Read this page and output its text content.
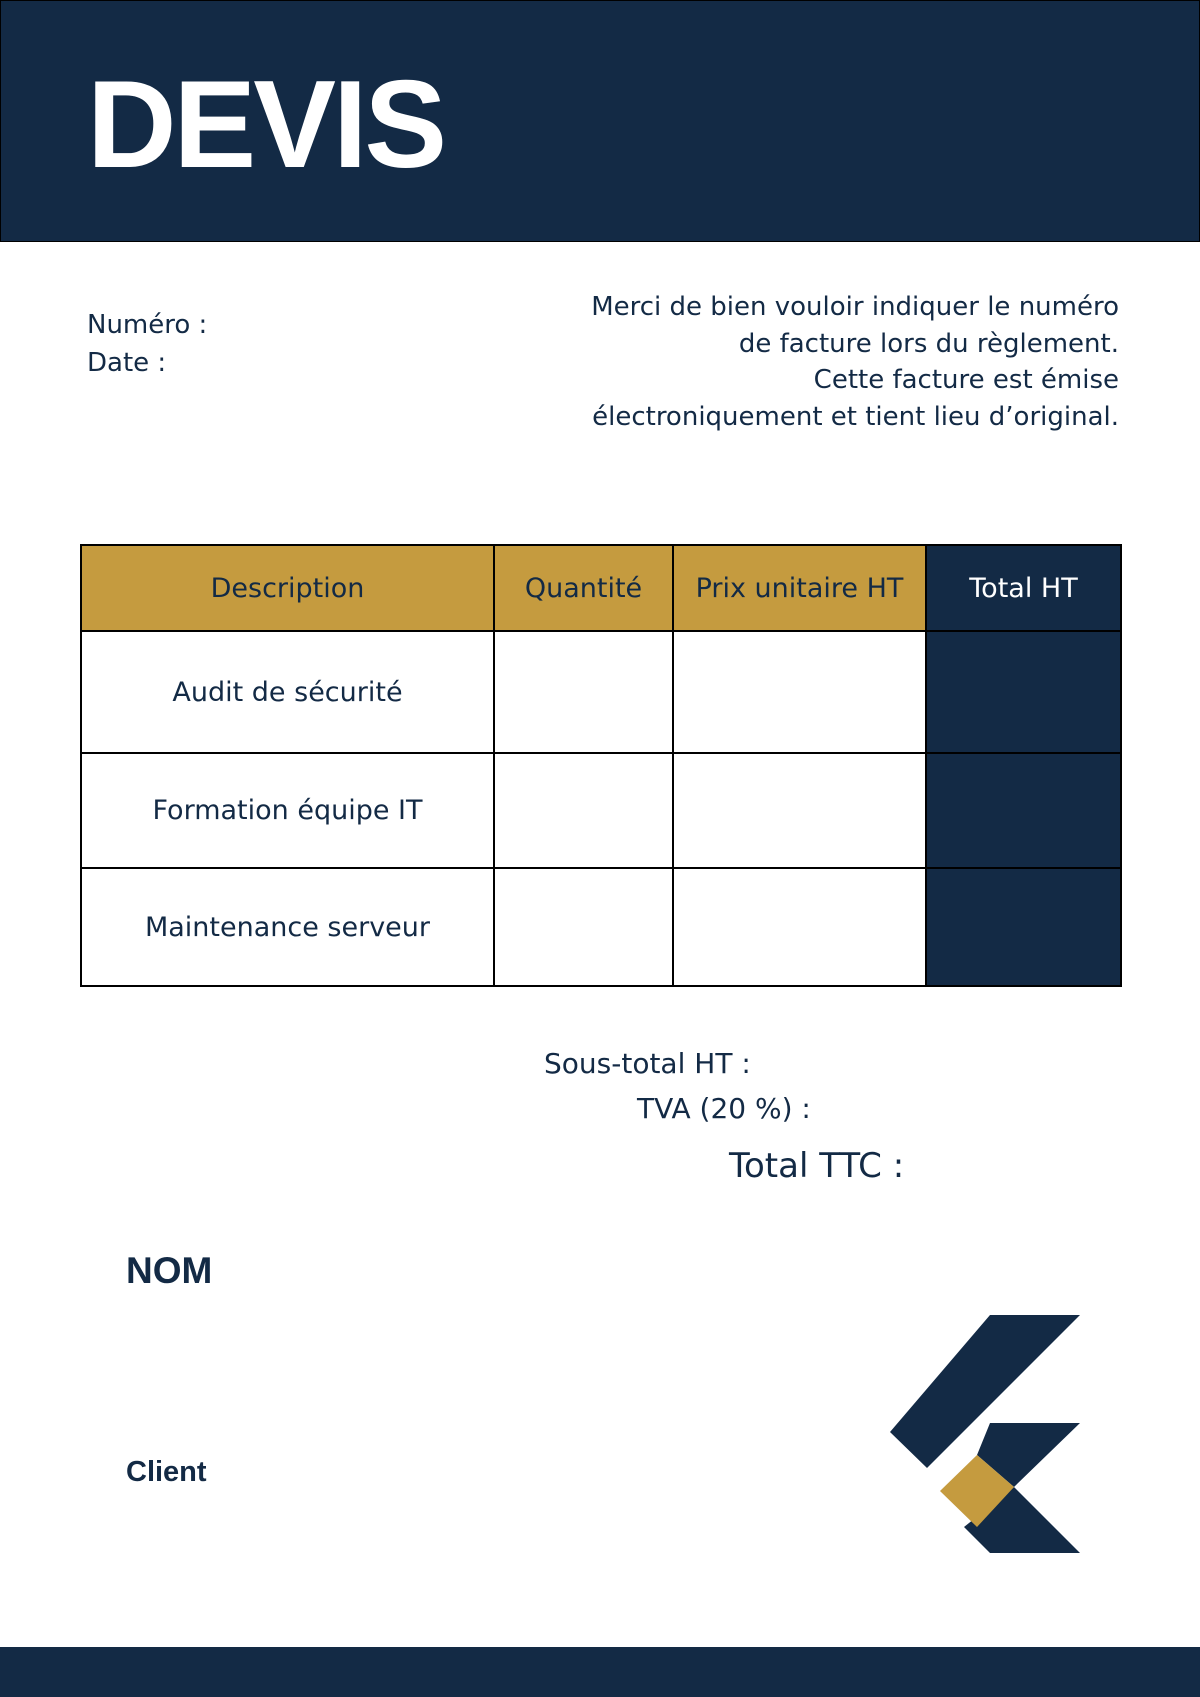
DEVIS
Numéro :
Date :
Merci de bien vouloir indiquer le numéro
de facture lors du règlement.
Cette facture est émise
électroniquement et tient lieu d’original.
Description	Quantité	Prix unitaire HT	Total HT
Audit de sécurité			
Formation équipe IT			
Maintenance serveur			
Sous-total HT :
TVA (20 %) :
Total TTC :
NOM
Client
